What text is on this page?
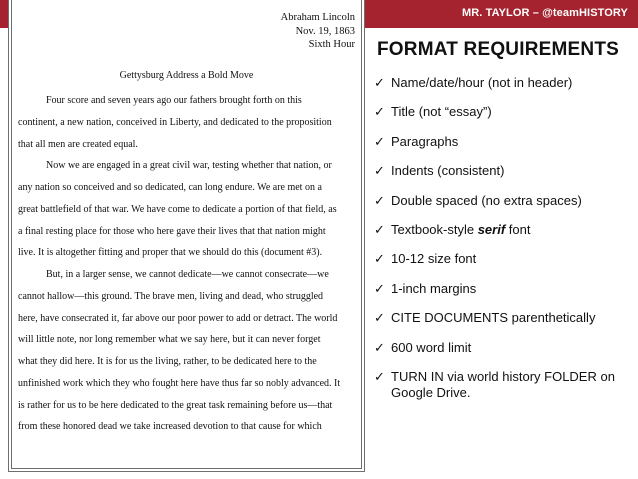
MR. TAYLOR – @teamHISTORY
Abraham Lincoln
Nov. 19, 1863
Sixth Hour
Gettysburg Address a Bold Move
Four score and seven years ago our fathers brought forth on this
continent, a new nation, conceived in Liberty, and dedicated to the proposition
that all men are created equal.
Now we are engaged in a great civil war, testing whether that nation, or
any nation so conceived and so dedicated, can long endure. We are met on a
great battlefield of that war. We have come to dedicate a portion of that field, as
a final resting place for those who here gave their lives that that nation might
live. It is altogether fitting and proper that we should do this (document #3).
But, in a larger sense, we cannot dedicate—we cannot consecrate—we
cannot hallow—this ground. The brave men, living and dead, who struggled
here, have consecrated it, far above our poor power to add or detract. The world
will little note, nor long remember what we say here, but it can never forget
what they did here. It is for us the living, rather, to be dedicated here to the
unfinished work which they who fought here have thus far so nobly advanced. It
is rather for us to be here dedicated to the great task remaining before us—that
from these honored dead we take increased devotion to that cause for which
FORMAT REQUIREMENTS
✓ Name/date/hour (not in header)
✓ Title (not “essay”)
✓ Paragraphs
✓ Indents (consistent)
✓ Double spaced (no extra spaces)
✓ Textbook-style serif font
✓ 10-12 size font
✓ 1-inch margins
✓ CITE DOCUMENTS parenthetically
✓ 600 word limit
✓ TURN IN via world history FOLDER on Google Drive.
